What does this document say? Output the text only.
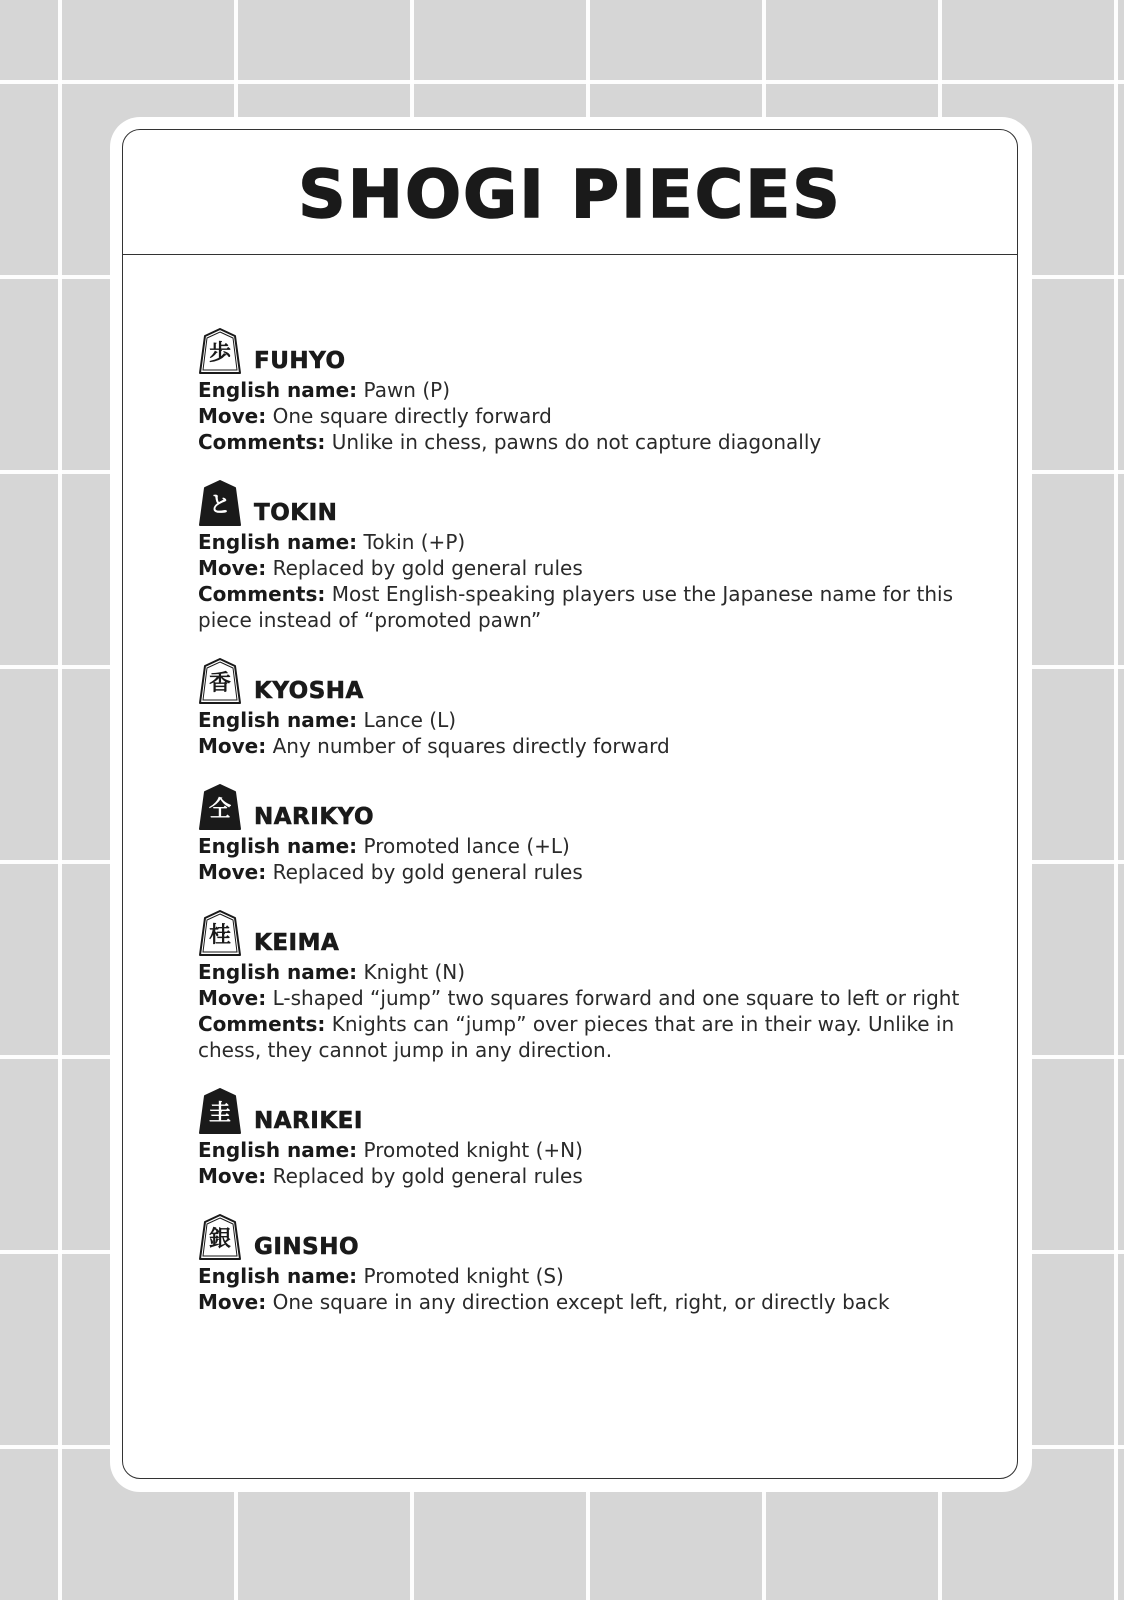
SHOGI PIECES
歩 FUHYO
English name: Pawn (P)
Move: One square directly forward
Comments: Unlike in chess, pawns do not capture diagonally
と TOKIN
English name: Tokin (+P)
Move: Replaced by gold general rules
Comments: Most English-speaking players use the Japanese name for this piece instead of “promoted pawn”
香 KYOSHA
English name: Lance (L)
Move: Any number of squares directly forward
仝 NARIKYO
English name: Promoted lance (+L)
Move: Replaced by gold general rules
桂 KEIMA
English name: Knight (N)
Move: L-shaped “jump” two squares forward and one square to left or right
Comments: Knights can “jump” over pieces that are in their way. Unlike in chess, they cannot jump in any direction.
圭 NARIKEI
English name: Promoted knight (+N)
Move: Replaced by gold general rules
銀 GINSHO
English name: Promoted knight (S)
Move: One square in any direction except left, right, or directly back
